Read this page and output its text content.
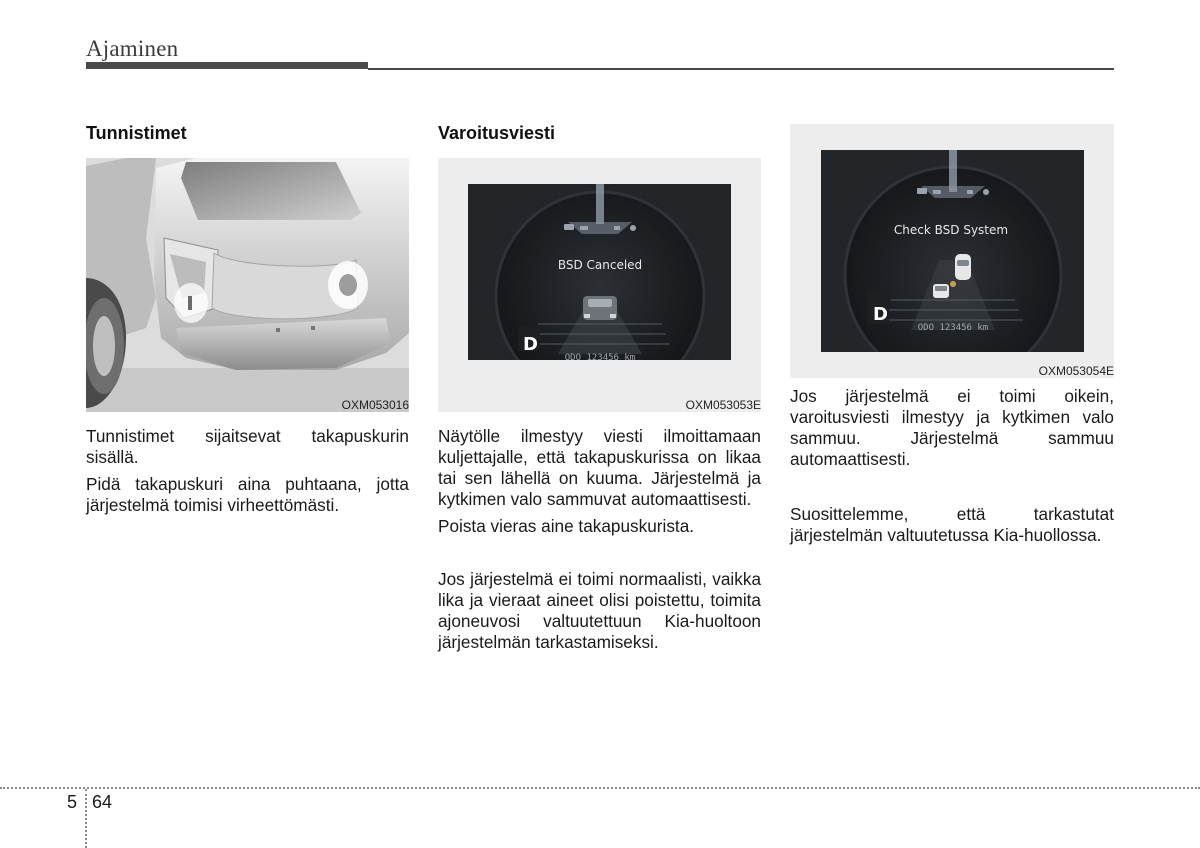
Ajaminen
Tunnistimet
OXM053016

Tunnistimet sijaitsevat takapuskurin sisällä.

Pidä takapuskuri aina puhtaana, jotta järjestelmä toimisi virheettömästi.

Varoitusviesti
BSD Canceled
D
ODO 123456 km
OXM053053E

Näytölle ilmestyy viesti ilmoittamaan kuljettajalle, että takapuskurissa on likaa tai sen lähellä on kuuma. Järjestelmä ja kytkimen valo sammuvat automaattisesti.

Poista vieras aine takapuskurista.

Jos järjestelmä ei toimi normaalisti, vaikka lika ja vieraat aineet olisi poistettu, toimita ajoneuvosi valtuutettuun Kia-huoltoon järjestelmän tarkastamiseksi.

Check BSD System
D
ODO 123456 km
OXM053054E

Jos järjestelmä ei toimi oikein, varoitusviesti ilmestyy ja kytkimen valo sammuu. Järjestelmä sammuu automaattisesti.

Suosittelemme, että tarkastutat järjestelmän valtuutetussa Kia-huollossa.

5 64
